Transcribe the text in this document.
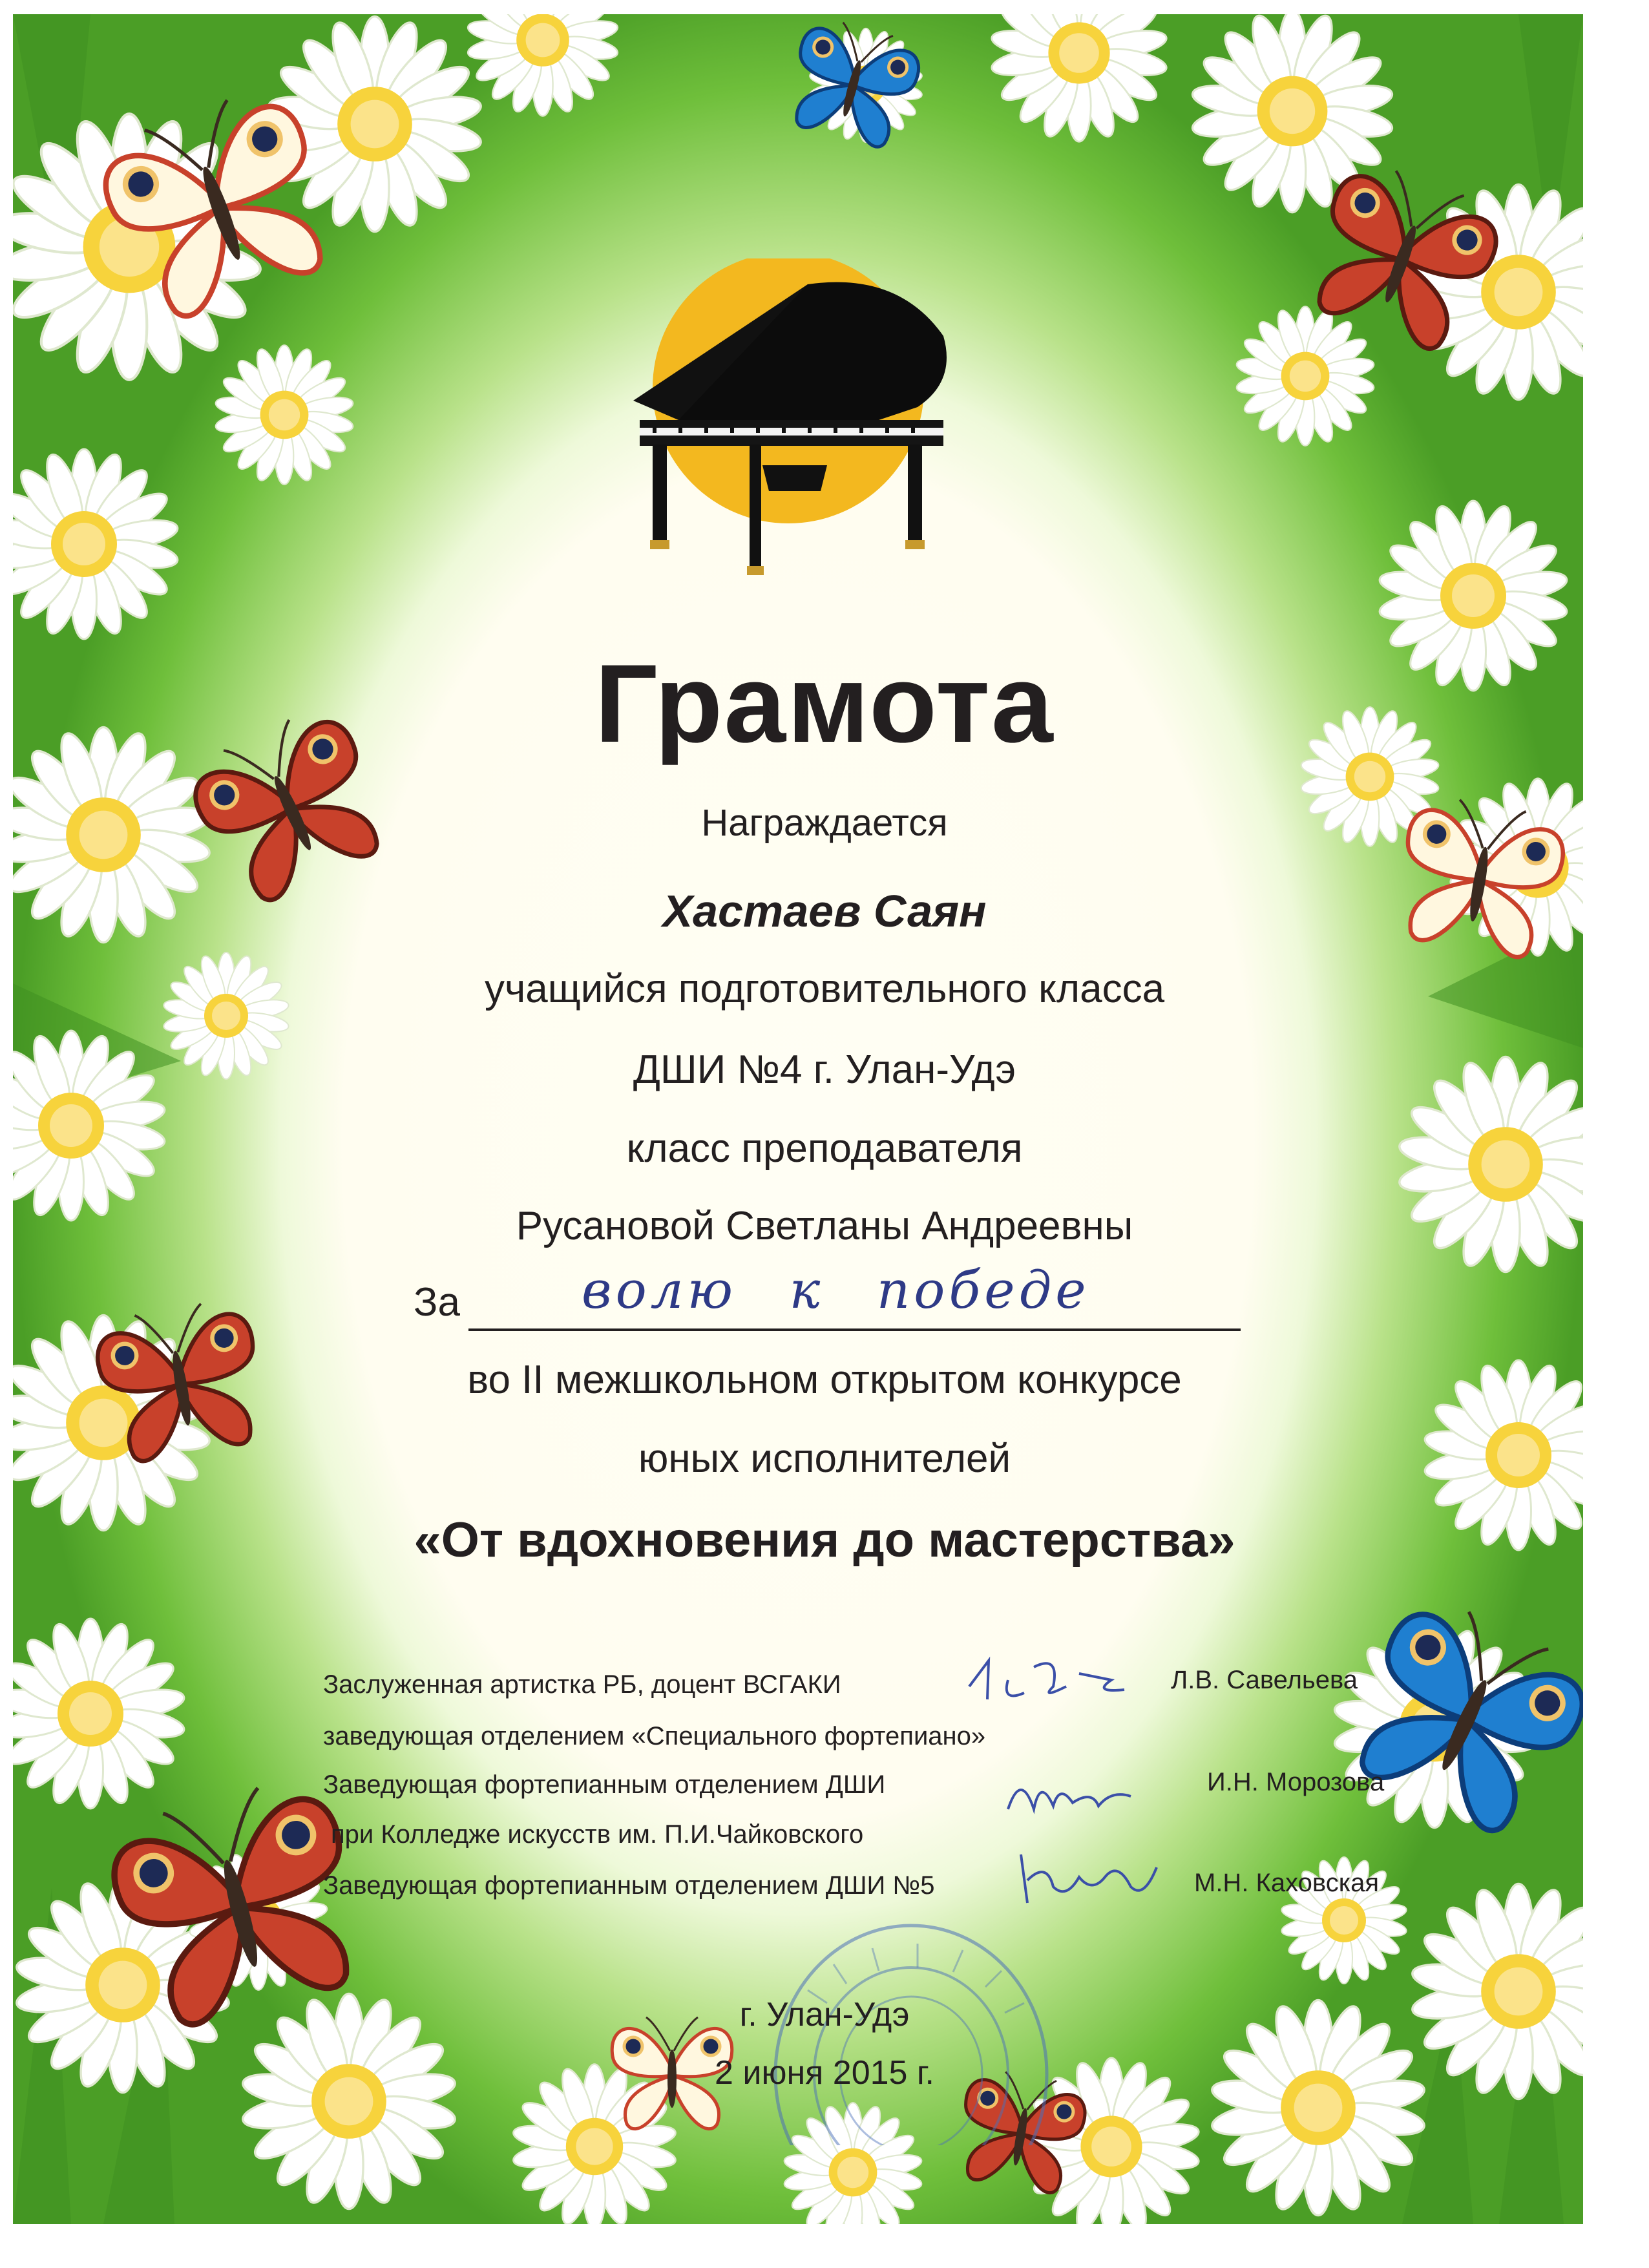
Грамота
Награждается
Хастаев Саян
учащийся подготовительного класса
ДШИ №4 г. Улан-Удэ
класс преподавателя
Русановой Светланы Андреевны
За волю к победе
во II межшкольном открытом конкурсе
юных исполнителей
«От вдохновения до мастерства»
Заслуженная артистка РБ, доцент ВСГАКИ	Л.В. Савельева
заведующая отделением «Специального фортепиано»
Заведующая фортепианным отделением ДШИ	И.Н. Морозова
при Колледже искусств им. П.И.Чайковского
Заведующая фортепианным отделением ДШИ №5	М.Н. Каховская
г. Улан-Удэ
2 июня 2015 г.
